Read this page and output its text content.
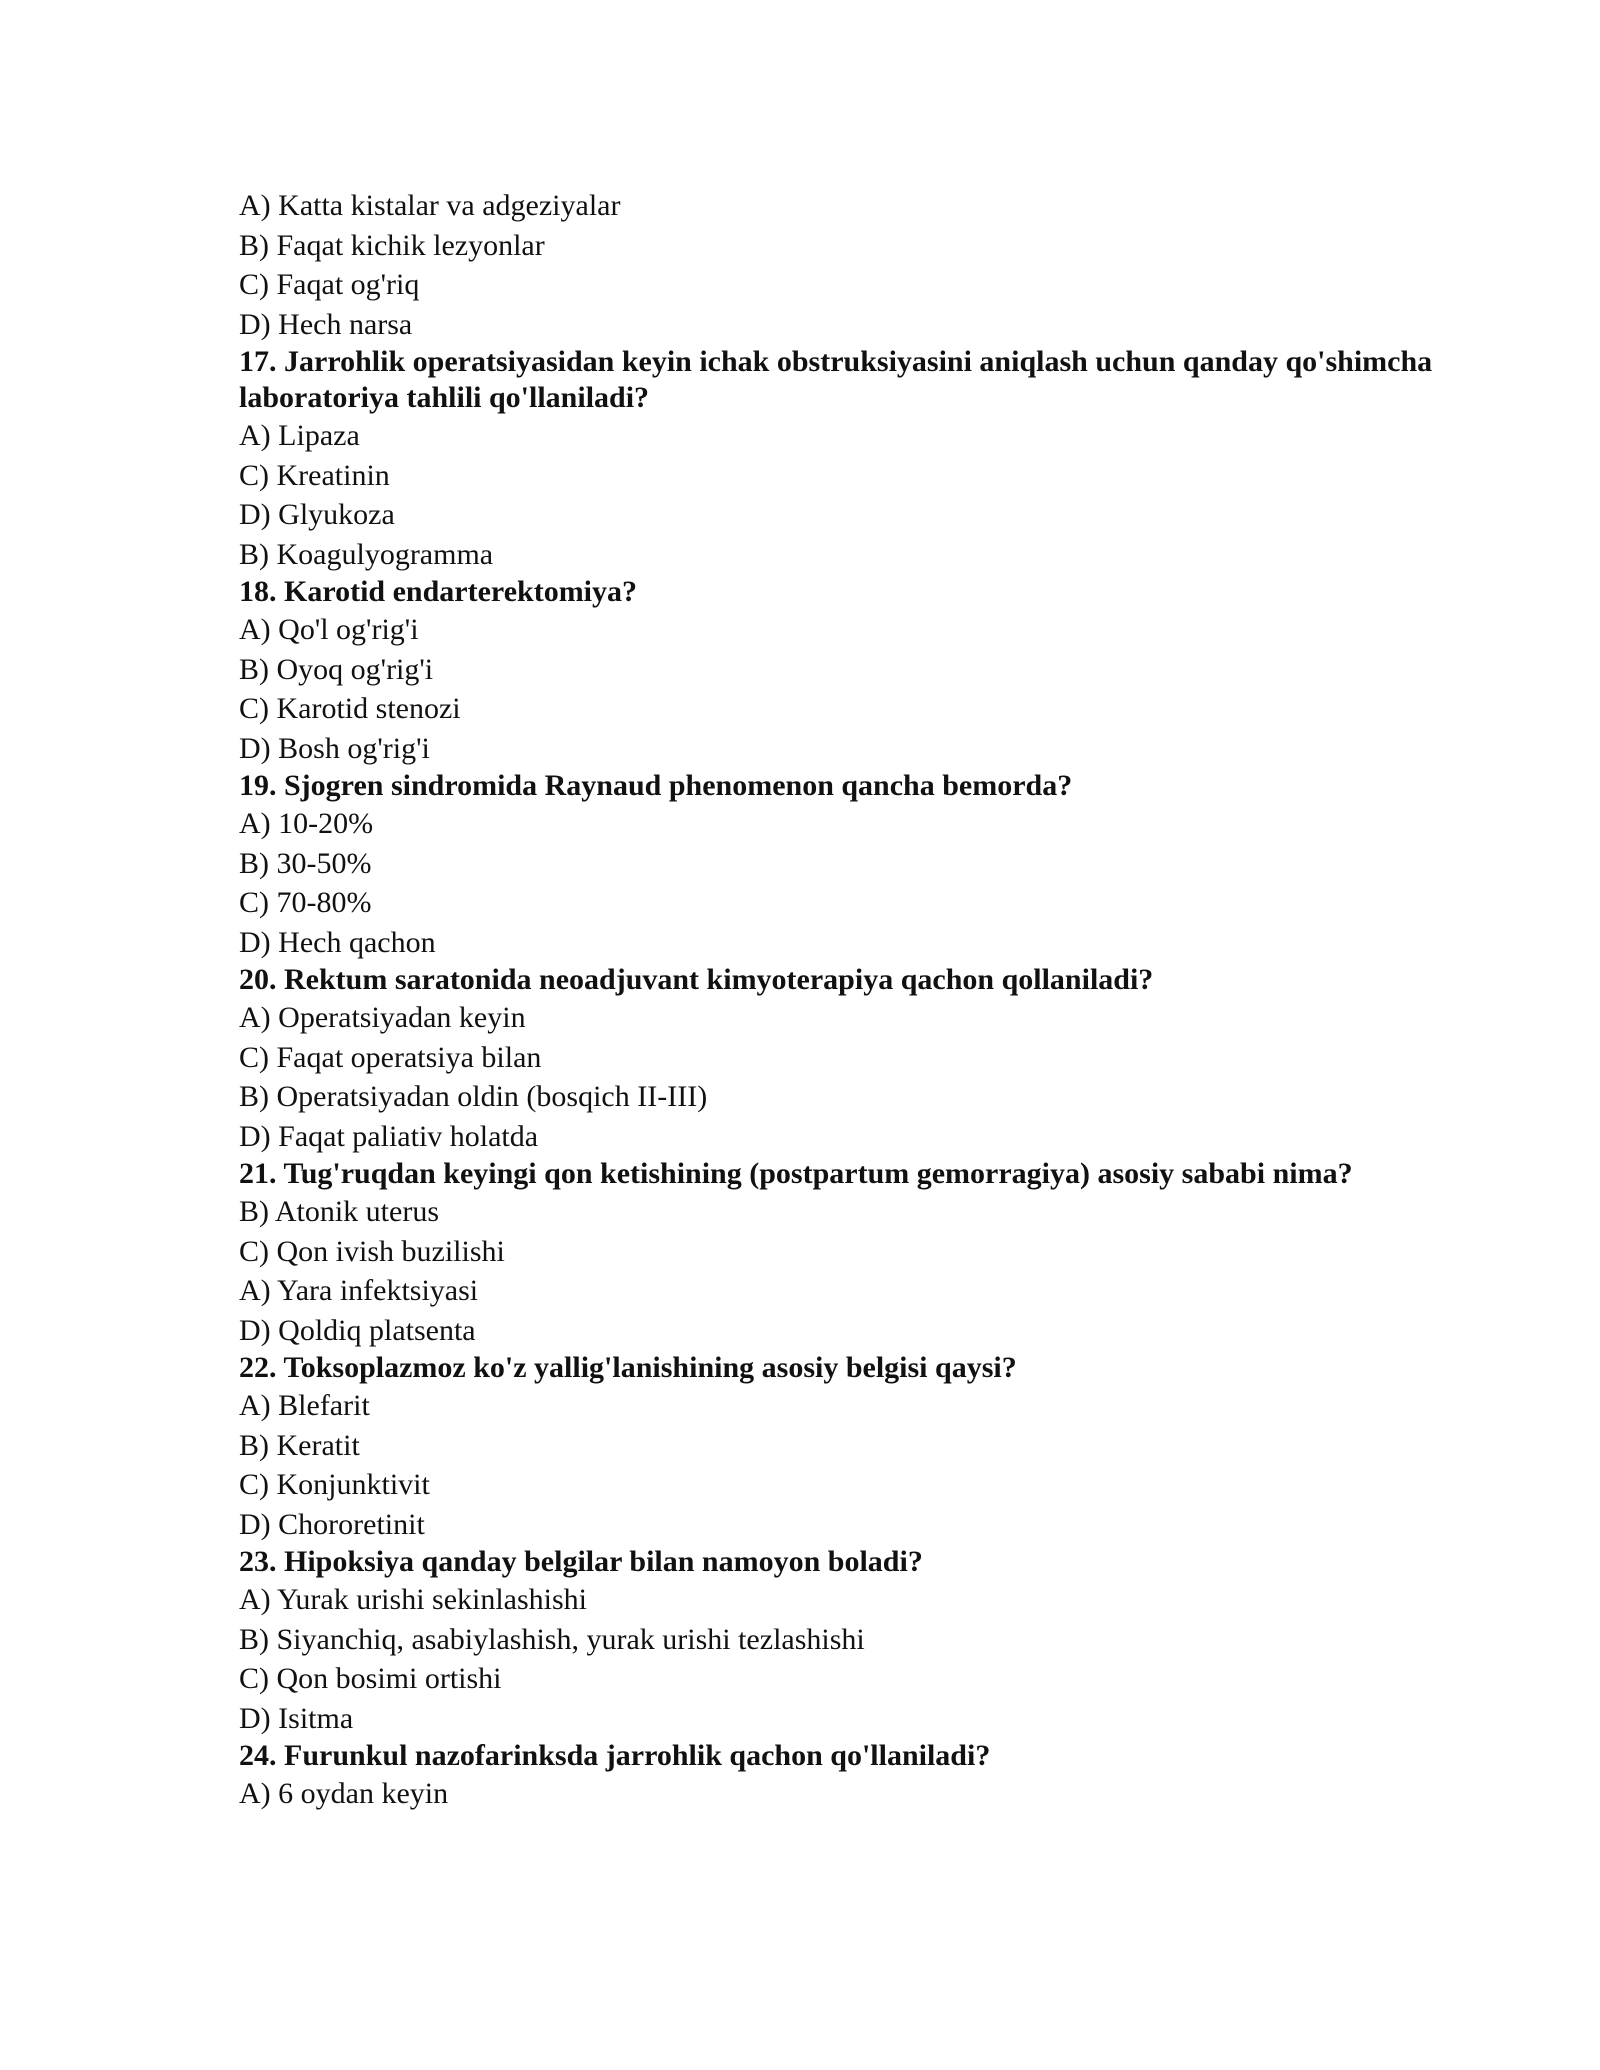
A) Katta kistalar va adgeziyalar
B) Faqat kichik lezyonlar
C) Faqat og'riq
D) Hech narsa
17. Jarrohlik operatsiyasidan keyin ichak obstruksiyasini aniqlash uchun qanday qo'shimcha laboratoriya tahlili qo'llaniladi?
A) Lipaza
C) Kreatinin
D) Glyukoza
B) Koagulyogramma
18. Karotid endarterektomiya?
A) Qo'l og'rig'i
B) Oyoq og'rig'i
C) Karotid stenozi
D) Bosh og'rig'i
19. Sjogren sindromida Raynaud phenomenon qancha bemorda?
A) 10-20%
B) 30-50%
C) 70-80%
D) Hech qachon
20. Rektum saratonida neoadjuvant kimyoterapiya qachon qollaniladi?
A) Operatsiyadan keyin
C) Faqat operatsiya bilan
B) Operatsiyadan oldin (bosqich II-III)
D) Faqat paliativ holatda
21. Tug'ruqdan keyingi qon ketishining (postpartum gemorragiya) asosiy sababi nima?
B) Atonik uterus
C) Qon ivish buzilishi
A) Yara infektsiyasi
D) Qoldiq platsenta
22. Toksoplazmoz ko'z yallig'lanishining asosiy belgisi qaysi?
A) Blefarit
B) Keratit
C) Konjunktivit
D) Chororetinit
23. Hipoksiya qanday belgilar bilan namoyon boladi?
A) Yurak urishi sekinlashishi
B) Siyanchiq, asabiylashish, yurak urishi tezlashishi
C) Qon bosimi ortishi
D) Isitma
24. Furunkul nazofarinksda jarrohlik qachon qo'llaniladi?
A) 6 oydan keyin
